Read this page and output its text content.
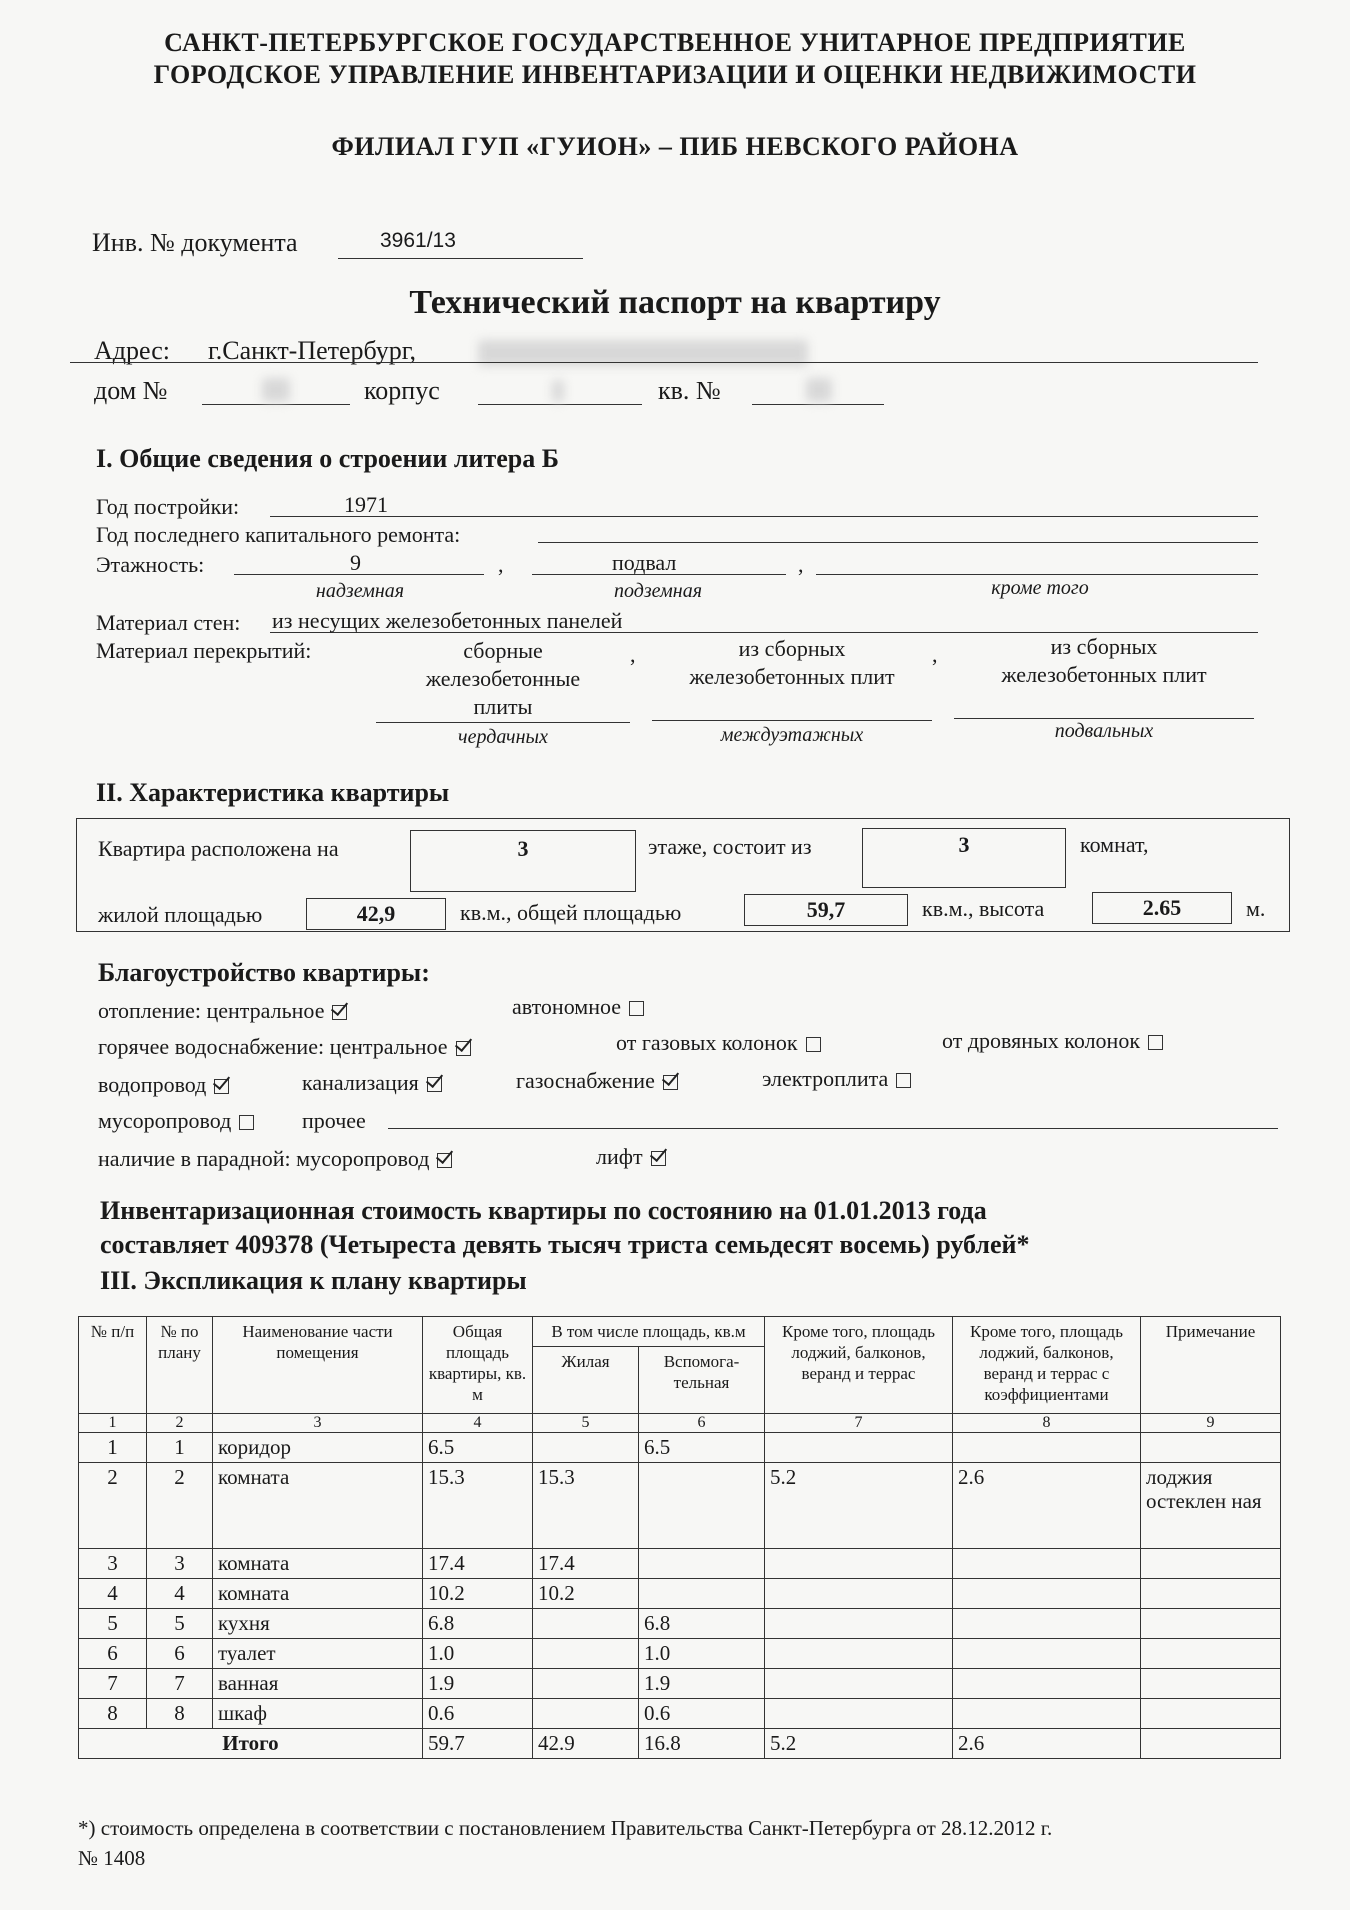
САНКТ-ПЕТЕРБУРГСКОЕ ГОСУДАРСТВЕННОЕ УНИТАРНОЕ ПРЕДПРИЯТИЕ
ГОРОДСКОЕ УПРАВЛЕНИЕ ИНВЕНТАРИЗАЦИИ И ОЦЕНКИ НЕДВИЖИМОСТИ
ФИЛИАЛ ГУП «ГУИОН» – ПИБ НЕВСКОГО РАЙОНА
Инв. № документа	3961/13
Технический паспорт на квартиру
Адрес: г.Санкт-Петербург,
дом №	корпус	кв. №
I. Общие сведения о строении литера Б
Год постройки:	1971
Год последнего капитального ремонта:
Этажность:	9	,	подвал	,
надземная	подземная	кроме того
Материал стен: из несущих железобетонных панелей
Материал перекрытий:	сборные
железобетонные
плиты
,	из сборных
железобетонных плит
,	из сборных
железобетонных плит
чердачных	междуэтажных	подвальных
II. Характеристика квартиры
Квартира расположена на	3	этаже, состоит из	3	комнат,
жилой площадью	42,9	кв.м., общей площадью	59,7	кв.м., высота	2.65	м.
Благоустройство квартиры:
отопление: центральное	автономное
горячее водоснабжение: центральное	от газовых колонок	от дровяных колонок
водопровод	канализация	газоснабжение	электроплита
мусоропровод	прочее
наличие в парадной: мусоропровод	лифт
Инвентаризационная стоимость квартиры по состоянию на 01.01.2013 года
составляет 409378 (Четыреста девять тысяч триста семьдесят восемь) рублей*
III. Экспликация к плану квартиры
№ п/п	№ по плану	Наименование части помещения	Общая площадь квартиры, кв. м	В том числе площадь, кв.м		Кроме того, площадь лоджий, балконов, веранд и террас	Кроме того, площадь лоджий, балконов, веранд и террас с коэффициентами	Примечание
				Жилая	Вспомога-тельная			
1	2	3	4	5	6	7	8	9
1	1	коридор	6.5		6.5			
2	2	комната	15.3	15.3		5.2	2.6	лоджия остеклен ная
3	3	комната	17.4	17.4				
4	4	комната	10.2	10.2				
5	5	кухня	6.8		6.8			
6	6	туалет	1.0		1.0			
7	7	ванная	1.9		1.9			
8	8	шкаф	0.6		0.6			
Итого			59.7	42.9	16.8	5.2	2.6	
*) стоимость определена в соответствии с постановлением Правительства Санкт-Петербурга от 28.12.2012 г.
№ 1408
